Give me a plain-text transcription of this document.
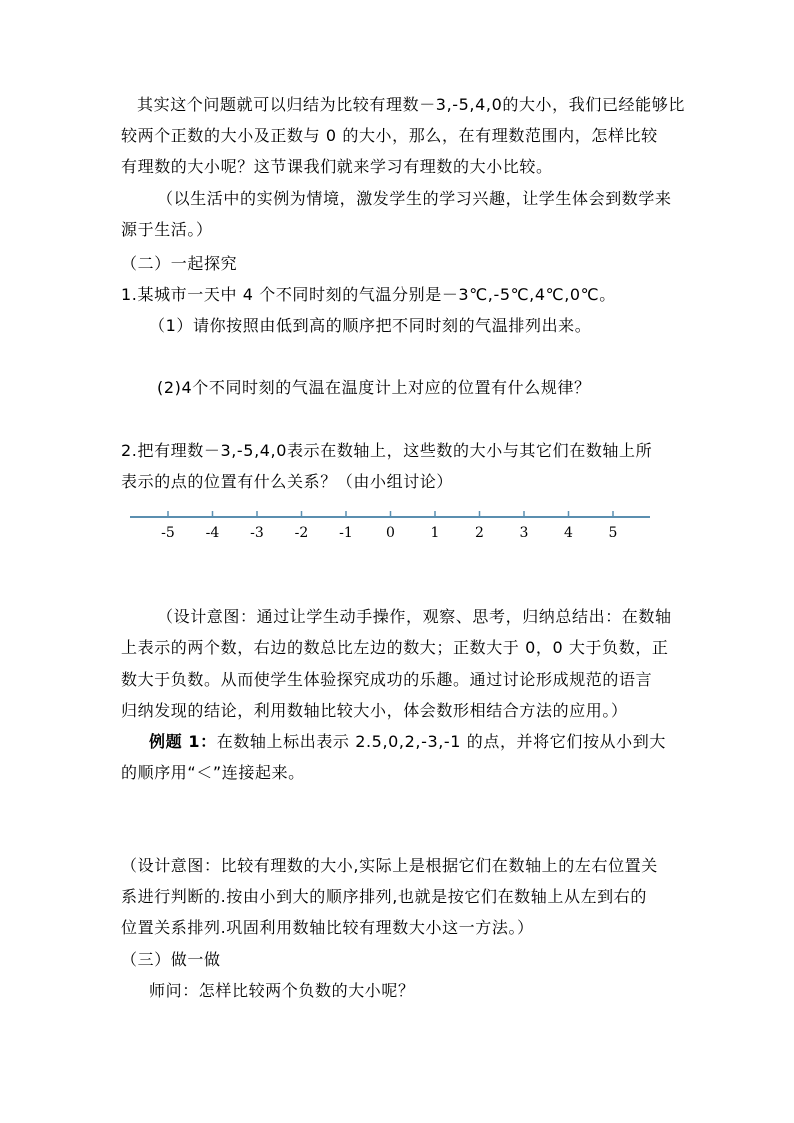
其实这个问题就可以归结为比较有理数－3,-5,4,0的大小，我们已经能够比
较两个正数的大小及正数与 0 的大小，那么，在有理数范围内，怎样比较
有理数的大小呢？这节课我们就来学习有理数的大小比较。
（以生活中的实例为情境，激发学生的学习兴趣，让学生体会到数学来
源于生活。）
（二）一起探究
1.某城市一天中 4 个不同时刻的气温分别是－3℃,-5℃,4℃,0℃。
（1）请你按照由低到高的顺序把不同时刻的气温排列出来。
(2)4个不同时刻的气温在温度计上对应的位置有什么规律？
2.把有理数－3,-5,4,0表示在数轴上，这些数的大小与其它们在数轴上所
表示的点的位置有什么关系？（由小组讨论）
-5 -4 -3 -2 -1 0	1	2	3	4	5
（设计意图：通过让学生动手操作，观察、思考，归纳总结出：在数轴
上表示的两个数，右边的数总比左边的数大；正数大于 0，0 大于负数，正
数大于负数。从而使学生体验探究成功的乐趣。通过讨论形成规范的语言
归纳发现的结论，利用数轴比较大小，体会数形相结合方法的应用。）
例题 1：在数轴上标出表示 2.5,0,2,-3,-1 的点，并将它们按从小到大
的顺序用“＜”连接起来。
（设计意图：比较有理数的大小,实际上是根据它们在数轴上的左右位置关
系进行判断的.按由小到大的顺序排列,也就是按它们在数轴上从左到右的
位置关系排列.巩固利用数轴比较有理数大小这一方法。）
（三）做一做
师问：怎样比较两个负数的大小呢？
